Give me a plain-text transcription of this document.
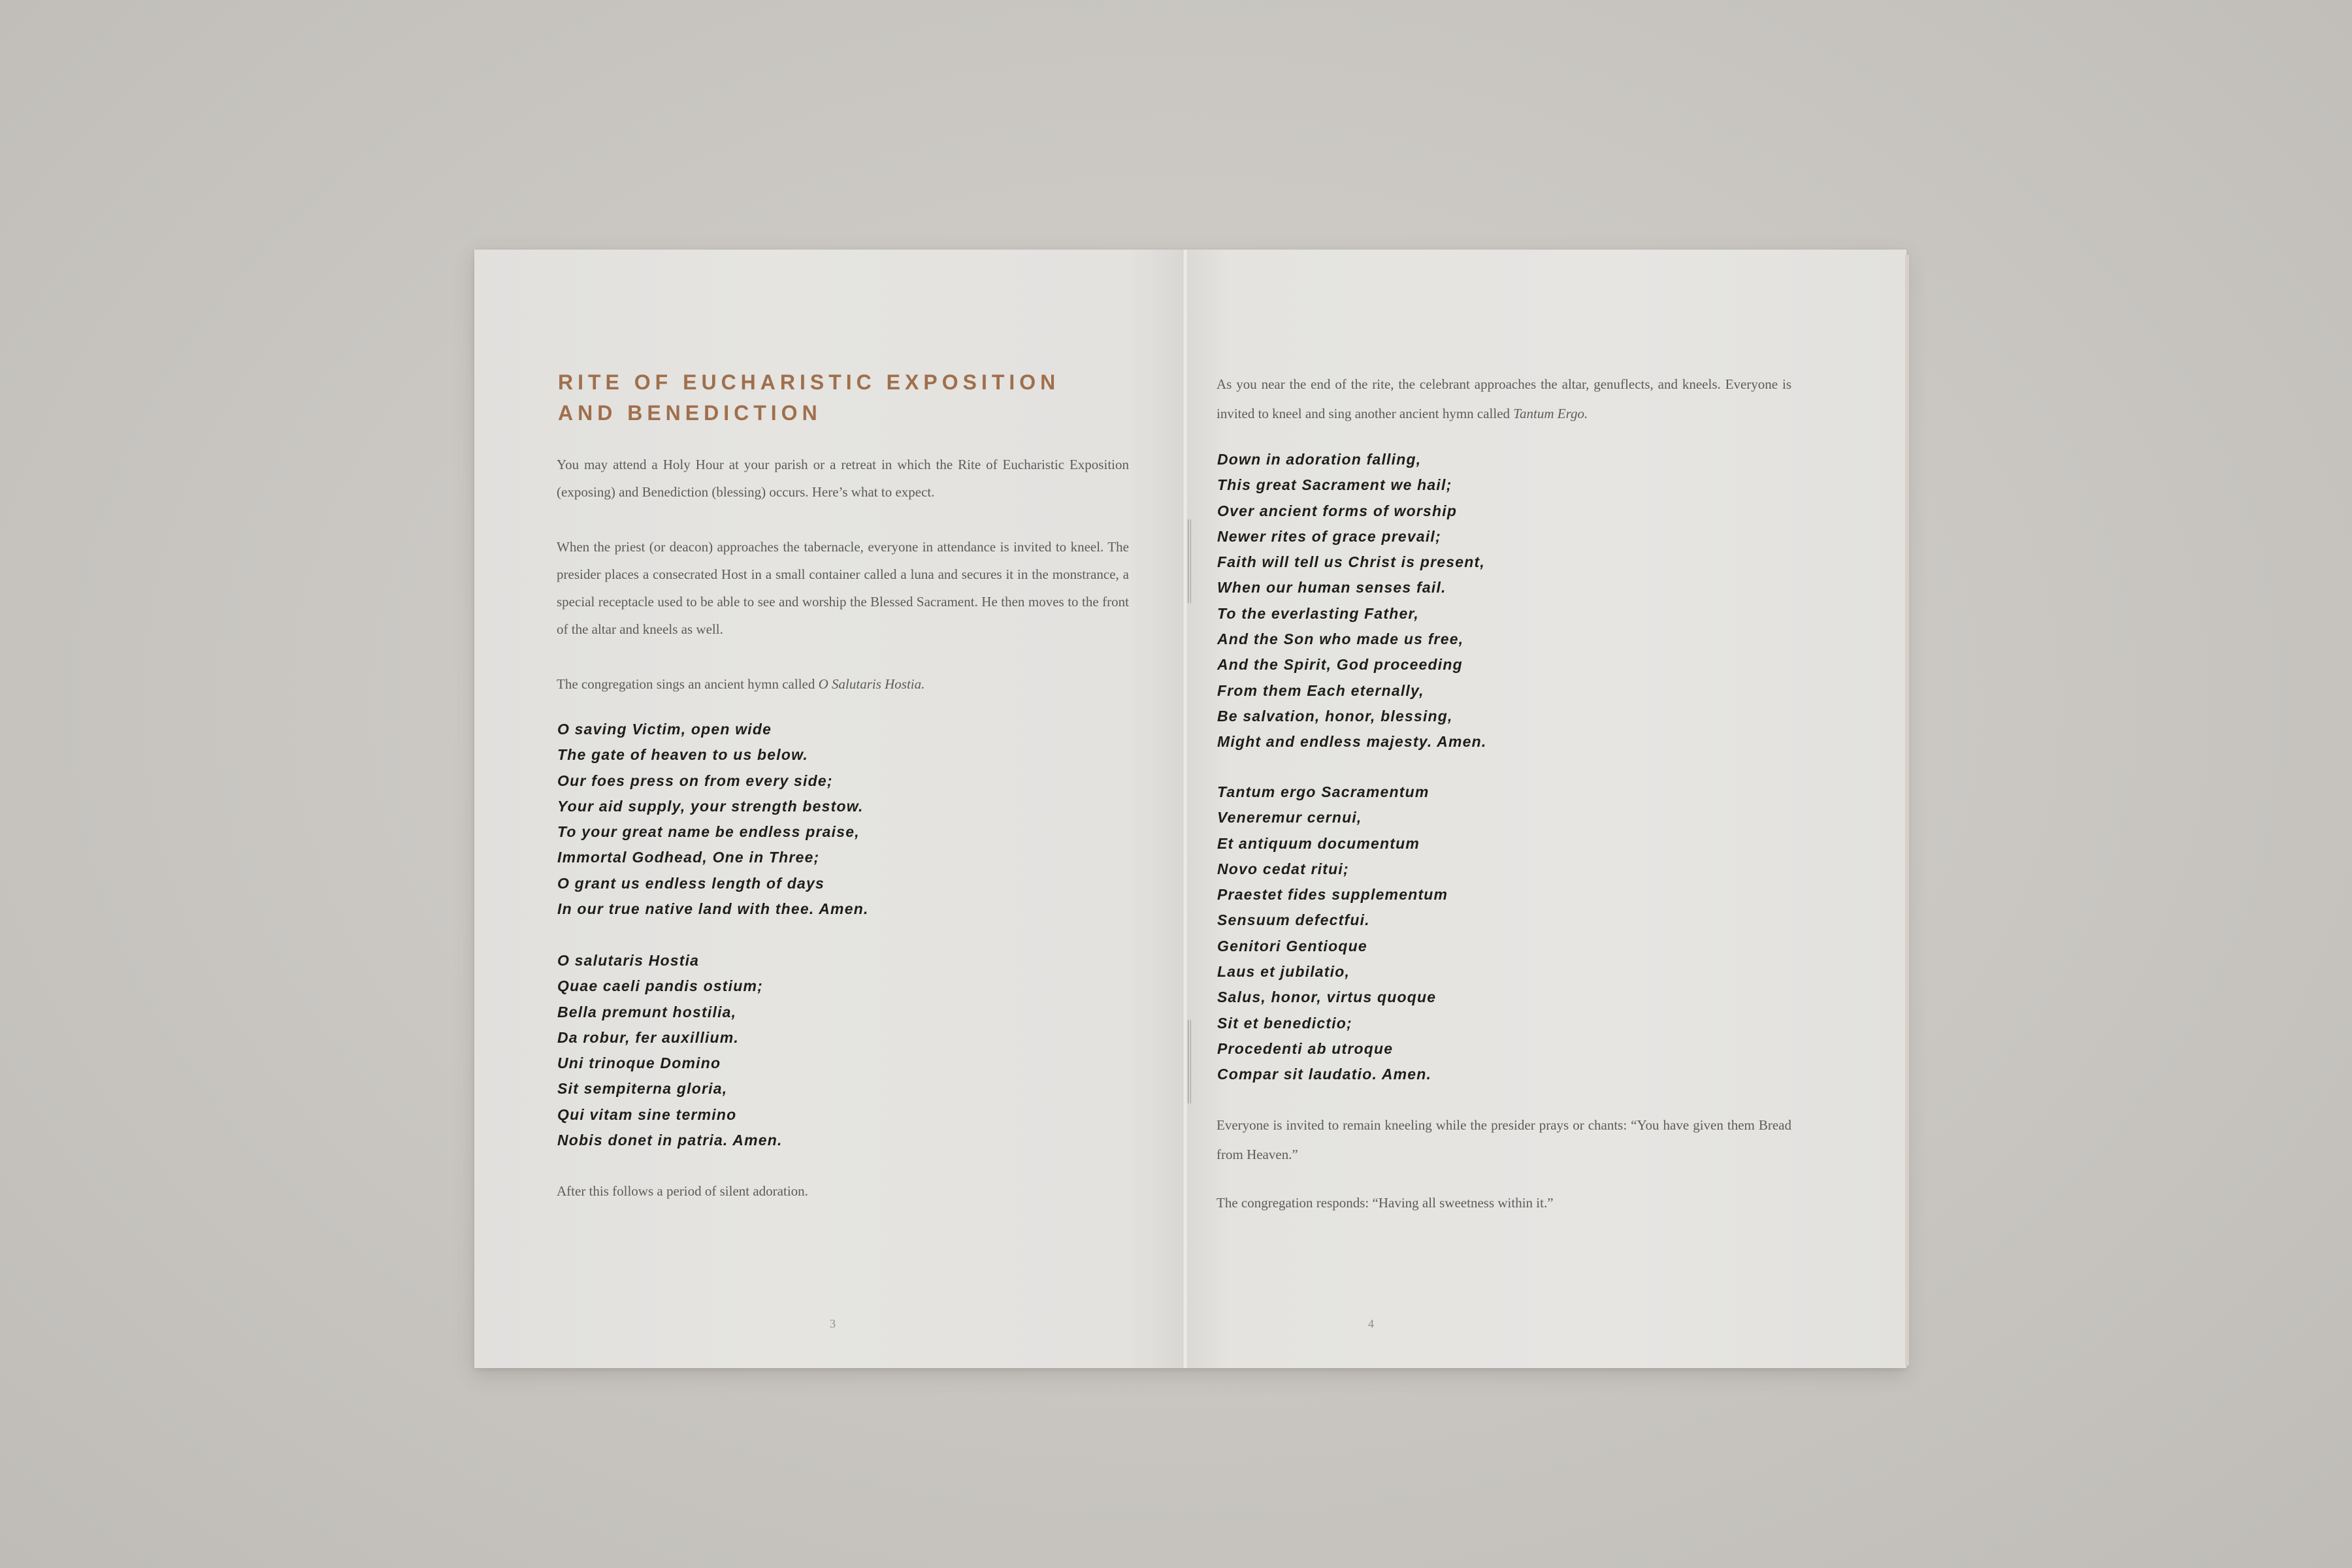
RITE OF EUCHARISTIC EXPOSITION
AND BENEDICTION

You may attend a Holy Hour at your parish or a retreat in which the Rite of Eucharistic Exposition (exposing) and Benediction (blessing) occurs. Here’s what to expect.

When the priest (or deacon) approaches the tabernacle, everyone in attendance is invited to kneel. The presider places a consecrated Host in a small container called a luna and secures it in the monstrance, a special receptacle used to be able to see and worship the Blessed Sacrament. He then moves to the front of the altar and kneels as well.

The congregation sings an ancient hymn called O Salutaris Hostia.

O saving Victim, open wide
The gate of heaven to us below.
Our foes press on from every side;
Your aid supply, your strength bestow.
To your great name be endless praise,
Immortal Godhead, One in Three;
O grant us endless length of days
In our true native land with thee. Amen.
O salutaris Hostia
Quae caeli pandis ostium;
Bella premunt hostilia,
Da robur, fer auxillium.
Uni trinoque Domino
Sit sempiterna gloria,
Qui vitam sine termino
Nobis donet in patria. Amen.

After this follows a period of silent adoration.

3

As you near the end of the rite, the celebrant approaches the altar, genuflects, and kneels. Everyone is invited to kneel and sing another ancient hymn called Tantum Ergo.

Down in adoration falling,
This great Sacrament we hail;
Over ancient forms of worship
Newer rites of grace prevail;
Faith will tell us Christ is present,
When our human senses fail.
To the everlasting Father,
And the Son who made us free,
And the Spirit, God proceeding
From them Each eternally,
Be salvation, honor, blessing,
Might and endless majesty. Amen.
Tantum ergo Sacramentum
Veneremur cernui,
Et antiquum documentum
Novo cedat ritui;
Praestet fides supplementum
Sensuum defectfui.
Genitori Gentioque
Laus et jubilatio,
Salus, honor, virtus quoque
Sit et benedictio;
Procedenti ab utroque
Compar sit laudatio. Amen.

Everyone is invited to remain kneeling while the presider prays or chants: “You have given them Bread from Heaven.”

The congregation responds: “Having all sweetness within it.”

4
